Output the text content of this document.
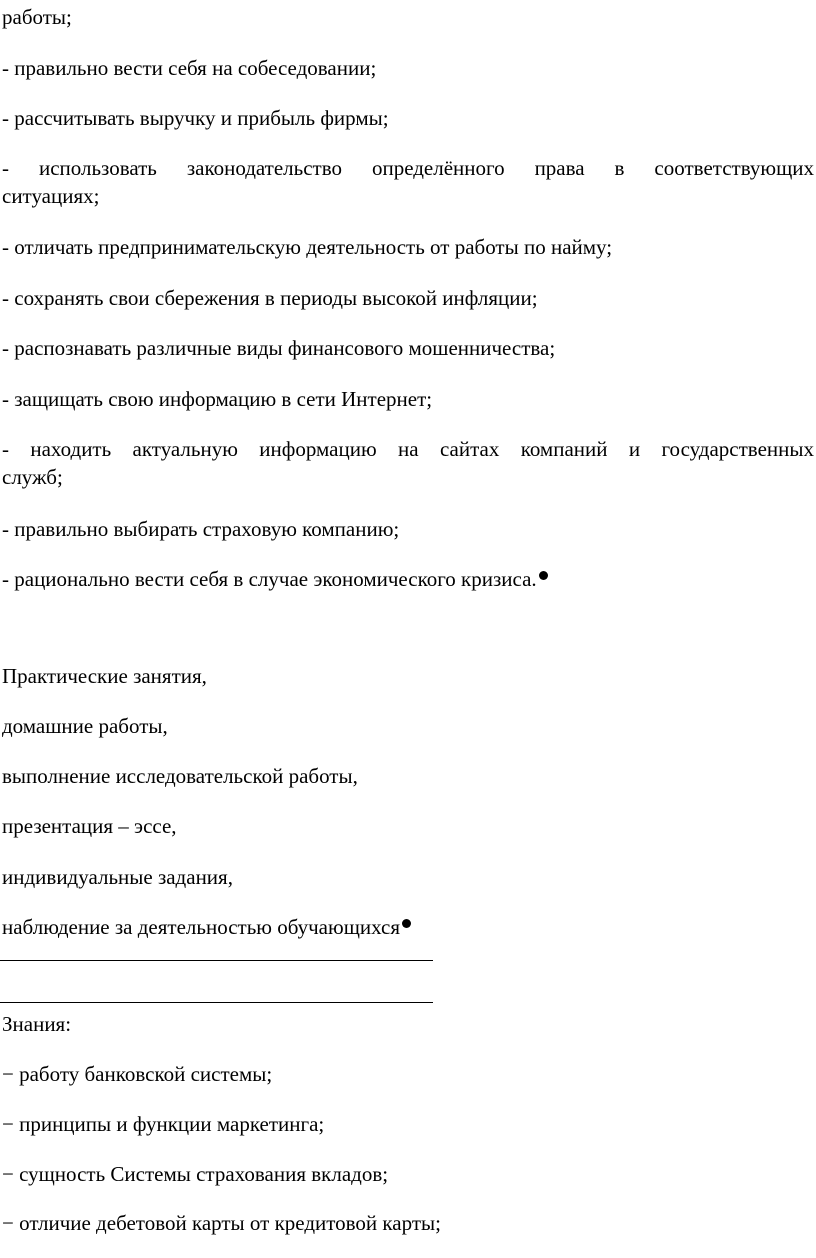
работы;
- правильно вести себя на собеседовании;
- рассчитывать выручку и прибыль фирмы;
- использовать законодательство определённого права в соответствующих
ситуациях;
- отличать предпринимательскую деятельность от работы по найму;
- сохранять свои сбережения в периоды высокой инфляции;
- распознавать различные виды финансового мошенничества;
- защищать свою информацию в сети Интернет;
- находить актуальную информацию на сайтах компаний и государственных
служб;
- правильно выбирать страховую компанию;
- рационально вести себя в случае экономического кризиса.
Практические занятия,
домашние работы,
выполнение исследовательской работы,
презентация – эссе,
индивидуальные задания,
наблюдение за деятельностью обучающихся
Знания:
− работу банковской системы;
− принципы и функции маркетинга;
− сущность Системы страхования вкладов;
− отличие дебетовой карты от кредитовой карты;
